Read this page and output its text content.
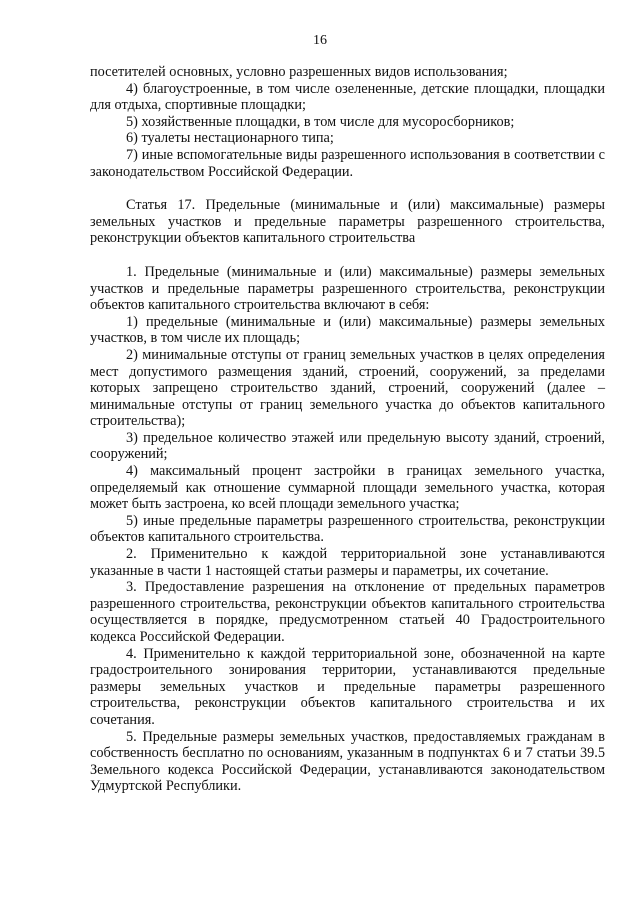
16

посетителей основных, условно разрешенных видов использования;

4) благоустроенные, в том числе озелененные, детские площадки, площадки для отдыха, спортивные площадки;

5) хозяйственные площадки, в том числе для мусоросборников;

6) туалеты нестационарного типа;

7) иные вспомогательные виды разрешенного использования в соответствии с законодательством Российской Федерации.

Статья 17. Предельные (минимальные и (или) максимальные) размеры земельных участков и предельные параметры разрешенного строительства, реконструкции объектов капитального строительства

1. Предельные (минимальные и (или) максимальные) размеры земельных участков и предельные параметры разрешенного строительства, реконструкции объектов капитального строительства включают в себя:

1) предельные (минимальные и (или) максимальные) размеры земельных участков, в том числе их площадь;

2) минимальные отступы от границ земельных участков в целях определения мест допустимого размещения зданий, строений, сооружений, за пределами которых запрещено строительство зданий, строений, сооружений (далее – минимальные отступы от границ земельного участка до объектов капитального строительства);

3) предельное количество этажей или предельную высоту зданий, строений, сооружений;

4) максимальный процент застройки в границах земельного участка, определяемый как отношение суммарной площади земельного участка, которая может быть застроена, ко всей площади земельного участка;

5) иные предельные параметры разрешенного строительства, реконструкции объектов капитального строительства.

2. Применительно к каждой территориальной зоне устанавливаются указанные в части 1 настоящей статьи размеры и параметры, их сочетание.

3. Предоставление разрешения на отклонение от предельных параметров разрешенного строительства, реконструкции объектов капитального строительства осуществляется в порядке, предусмотренном статьей 40 Градостроительного кодекса Российской Федерации.

4. Применительно к каждой территориальной зоне, обозначенной на карте градостроительного зонирования территории, устанавливаются предельные размеры земельных участков и предельные параметры разрешенного строительства, реконструкции объектов капитального строительства и их сочетания.

5. Предельные размеры земельных участков, предоставляемых гражданам в собственность бесплатно по основаниям, указанным в подпунктах 6 и 7 статьи 39.5 Земельного кодекса Российской Федерации, устанавливаются законодательством Удмуртской Республики.
